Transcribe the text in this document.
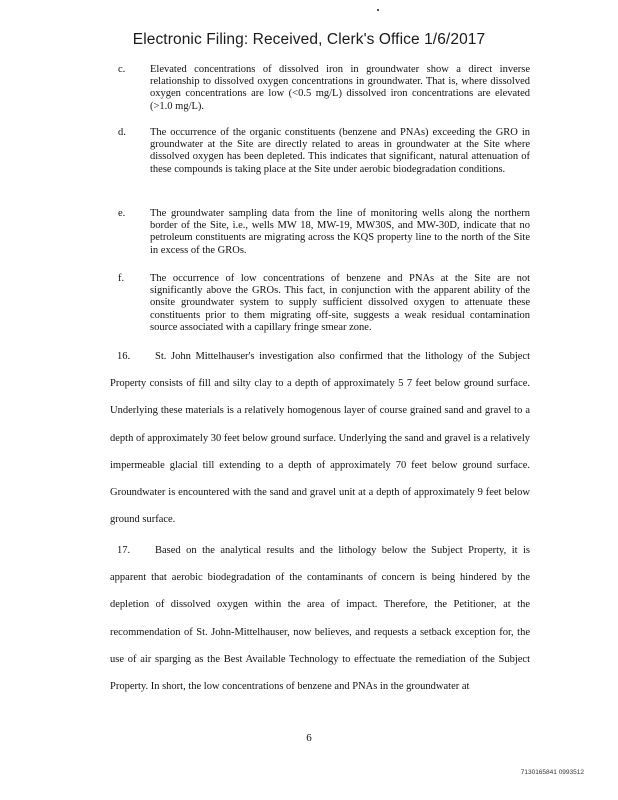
Electronic Filing: Received, Clerk's Office 1/6/2017
c. Elevated concentrations of dissolved iron in groundwater show a direct inverse relationship to dissolved oxygen concentrations in groundwater. That is, where dissolved oxygen concentrations are low (<0.5 mg/L) dissolved iron concentrations are elevated (>1.0 mg/L).
d. The occurrence of the organic constituents (benzene and PNAs) exceeding the GRO in groundwater at the Site are directly related to areas in groundwater at the Site where dissolved oxygen has been depleted. This indicates that significant, natural attenuation of these compounds is taking place at the Site under aerobic biodegradation conditions.
e. The groundwater sampling data from the line of monitoring wells along the northern border of the Site, i.e., wells MW 18, MW-19, MW30S, and MW-30D, indicate that no petroleum constituents are migrating across the KQS property line to the north of the Site in excess of the GROs.
f. The occurrence of low concentrations of benzene and PNAs at the Site are not significantly above the GROs. This fact, in conjunction with the apparent ability of the onsite groundwater system to supply sufficient dissolved oxygen to attenuate these constituents prior to them migrating off-site, suggests a weak residual contamination source associated with a capillary fringe smear zone.
16. St. John Mittelhauser's investigation also confirmed that the lithology of the Subject Property consists of fill and silty clay to a depth of approximately 5 7 feet below ground surface. Underlying these materials is a relatively homogenous layer of course grained sand and gravel to a depth of approximately 30 feet below ground surface. Underlying the sand and gravel is a relatively impermeable glacial till extending to a depth of approximately 70 feet below ground surface. Groundwater is encountered with the sand and gravel unit at a depth of approximately 9 feet below ground surface.
17. Based on the analytical results and the lithology below the Subject Property, it is apparent that aerobic biodegradation of the contaminants of concern is being hindered by the depletion of dissolved oxygen within the area of impact. Therefore, the Petitioner, at the recommendation of St. John-Mittelhauser, now believes, and requests a setback exception for, the use of air sparging as the Best Available Technology to effectuate the remediation of the Subject Property. In short, the low concentrations of benzene and PNAs in the groundwater at
6
7130165841 0993512
